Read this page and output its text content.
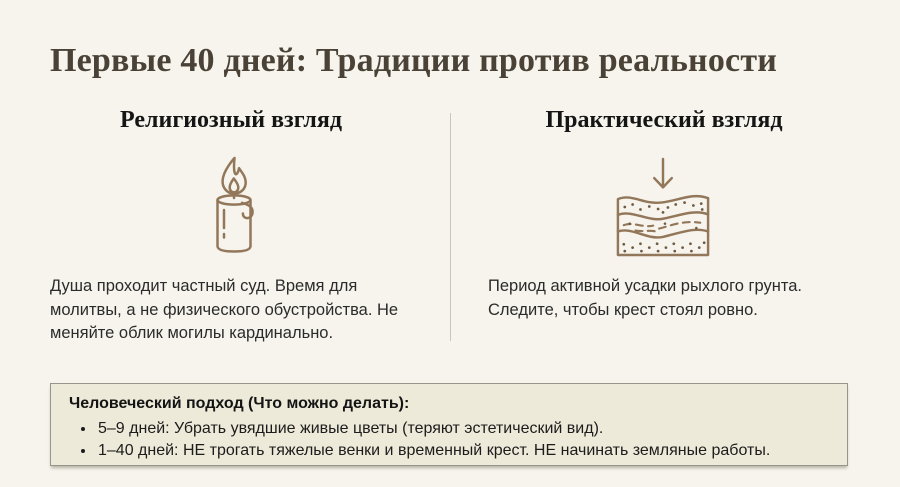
Первые 40 дней: Традиции против реальности
Религиозный взгляд	Практический взгляд

Душа проходит частный суд. Время для молитвы, а не физического обустройства. Не меняйте облик могилы кардинально.

Период активной усадки рыхлого грунта. Следите, чтобы крест стоял ровно.

Человеческий подход (Что можно делать):
• 5–9 дней: Убрать увядшие живые цветы (теряют эстетический вид).
• 1–40 дней: НЕ трогать тяжелые венки и временный крест. НЕ начинать земляные работы.
